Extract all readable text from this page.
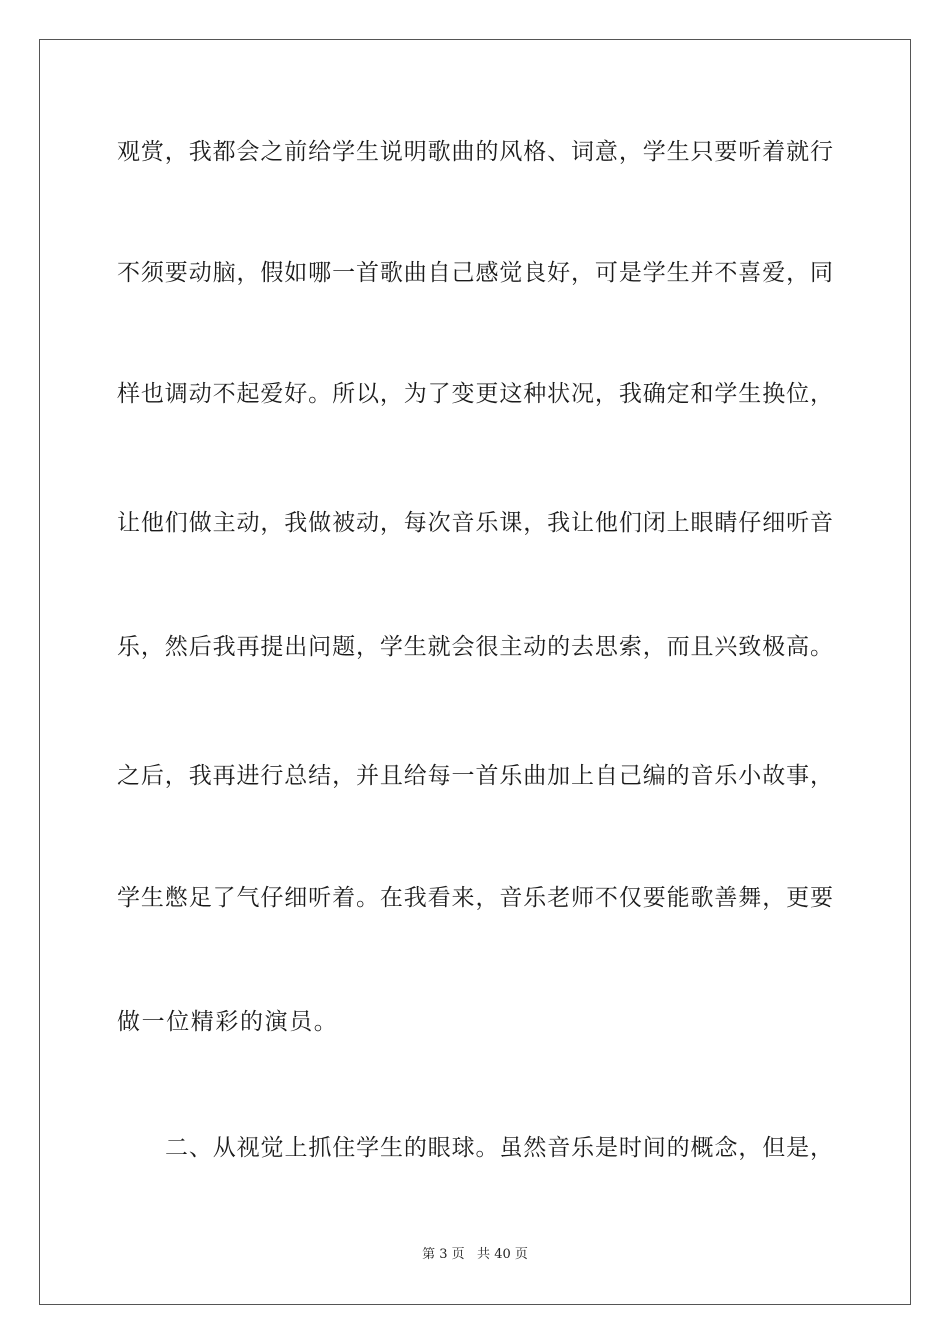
观赏，我都会之前给学生说明歌曲的风格、词意，学生只要听着就行
不须要动脑，假如哪一首歌曲自己感觉良好，可是学生并不喜爱，同
样也调动不起爱好。所以，为了变更这种状况，我确定和学生换位，
让他们做主动，我做被动，每次音乐课，我让他们闭上眼睛仔细听音
乐，然后我再提出问题，学生就会很主动的去思索，而且兴致极高。
之后，我再进行总结，并且给每一首乐曲加上自己编的音乐小故事，
学生憋足了气仔细听着。在我看来，音乐老师不仅要能歌善舞，更要
做一位精彩的演员。
二、从视觉上抓住学生的眼球。虽然音乐是时间的概念，但是，
第 3 页   共 40 页
